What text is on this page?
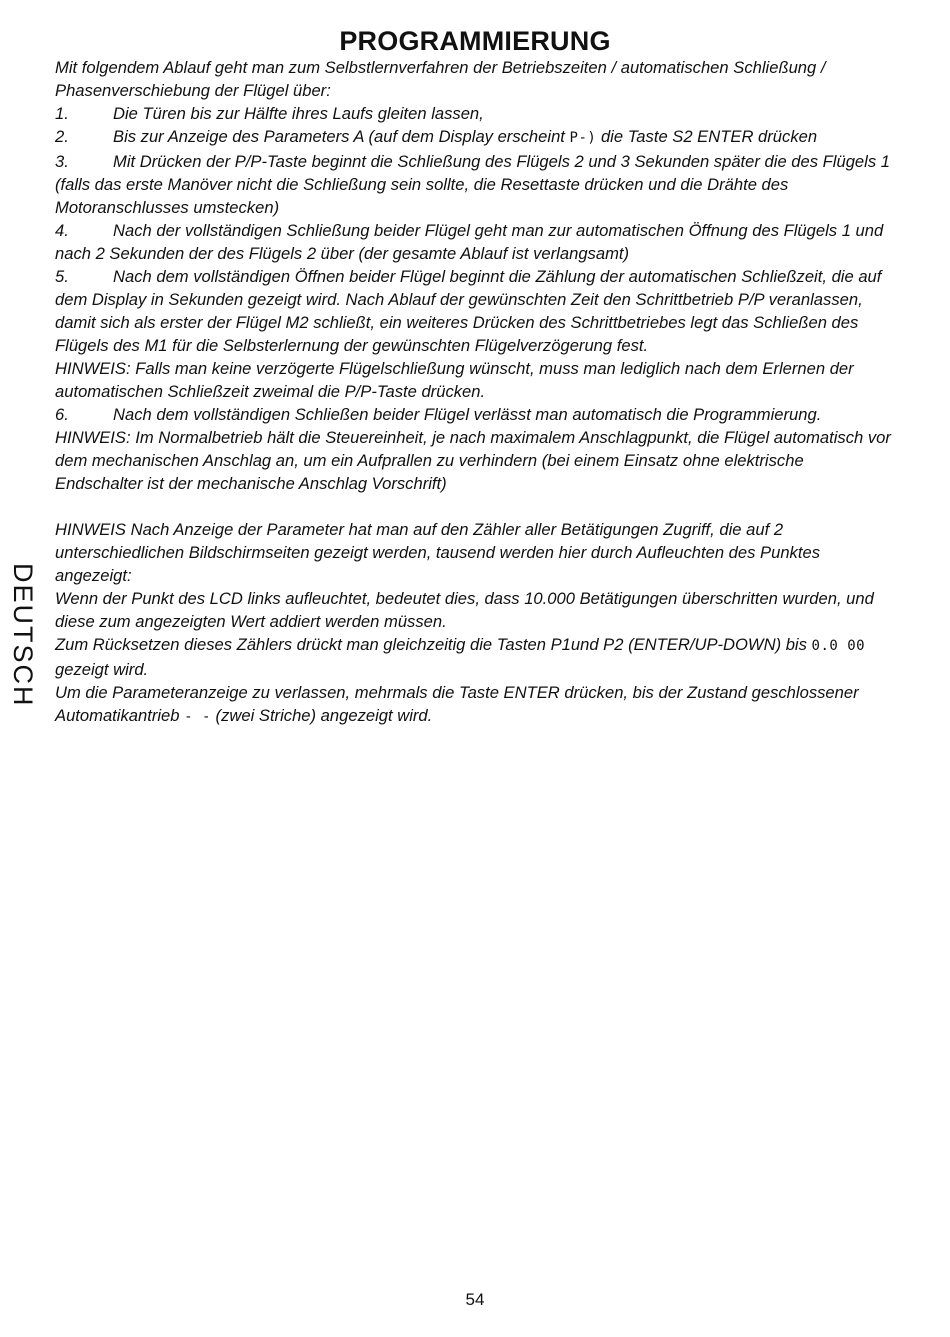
PROGRAMMIERUNG
DEUTSCH

Mit folgendem Ablauf geht man zum Selbstlernverfahren der Betriebszeiten / automatischen Schließung / Phasenverschiebung der Flügel über:

1.	Die Türen bis zur Hälfte ihres Laufs gleiten lassen,

2.	Bis zur Anzeige des Parameters A (auf dem Display erscheint P-) die Taste S2 ENTER drücken

3.	Mit Drücken der P/P-Taste beginnt die Schließung des Flügels 2 und 3 Sekunden später die des Flügels 1 (falls das erste Manöver nicht die Schließung sein sollte, die Resettaste drücken und die Drähte des Motoranschlusses umstecken)

4.	Nach der vollständigen Schließung beider Flügel geht man zur automatischen Öffnung des Flügels 1 und nach 2 Sekunden der des Flügels 2 über (der gesamte Ablauf ist verlangsamt)

5.	Nach dem vollständigen Öffnen beider Flügel beginnt die Zählung der automatischen Schließzeit, die auf dem Display in Sekunden gezeigt wird. Nach Ablauf der gewünschten Zeit den Schrittbetrieb P/P veranlassen, damit sich als erster der Flügel M2 schließt, ein weiteres Drücken des Schrittbetriebes legt das Schließen des Flügels des M1 für die Selbsterlernung der gewünschten Flügelverzögerung fest.

HINWEIS: Falls man keine verzögerte Flügelschließung wünscht, muss man lediglich nach dem Erlernen der automatischen Schließzeit zweimal die P/P-Taste drücken.

6.	Nach dem vollständigen Schließen beider Flügel verlässt man automatisch die Programmierung.

HINWEIS: Im Normalbetrieb hält die Steuereinheit, je nach maximalem Anschlagpunkt, die Flügel automatisch vor dem mechanischen Anschlag an, um ein Aufprallen zu verhindern (bei einem Einsatz ohne elektrische Endschalter ist der mechanische Anschlag Vorschrift)

HINWEIS Nach Anzeige der Parameter hat man auf den Zähler aller Betätigungen Zugriff, die auf 2 unterschiedlichen Bildschirmseiten gezeigt werden, tausend werden hier durch Aufleuchten des Punktes angezeigt:

Wenn der Punkt des LCD links aufleuchtet, bedeutet dies, dass 10.000 Betätigungen überschritten wurden, und diese zum angezeigten Wert addiert werden müssen.

Zum Rücksetzen dieses Zählers drückt man gleichzeitig die Tasten P1und P2 (ENTER/UP-DOWN) bis 0.0 00 gezeigt wird.

Um die Parameteranzeige zu verlassen, mehrmals die Taste ENTER drücken, bis der Zustand geschlossener Automatikantrieb - - (zwei Striche) angezeigt wird.

54
